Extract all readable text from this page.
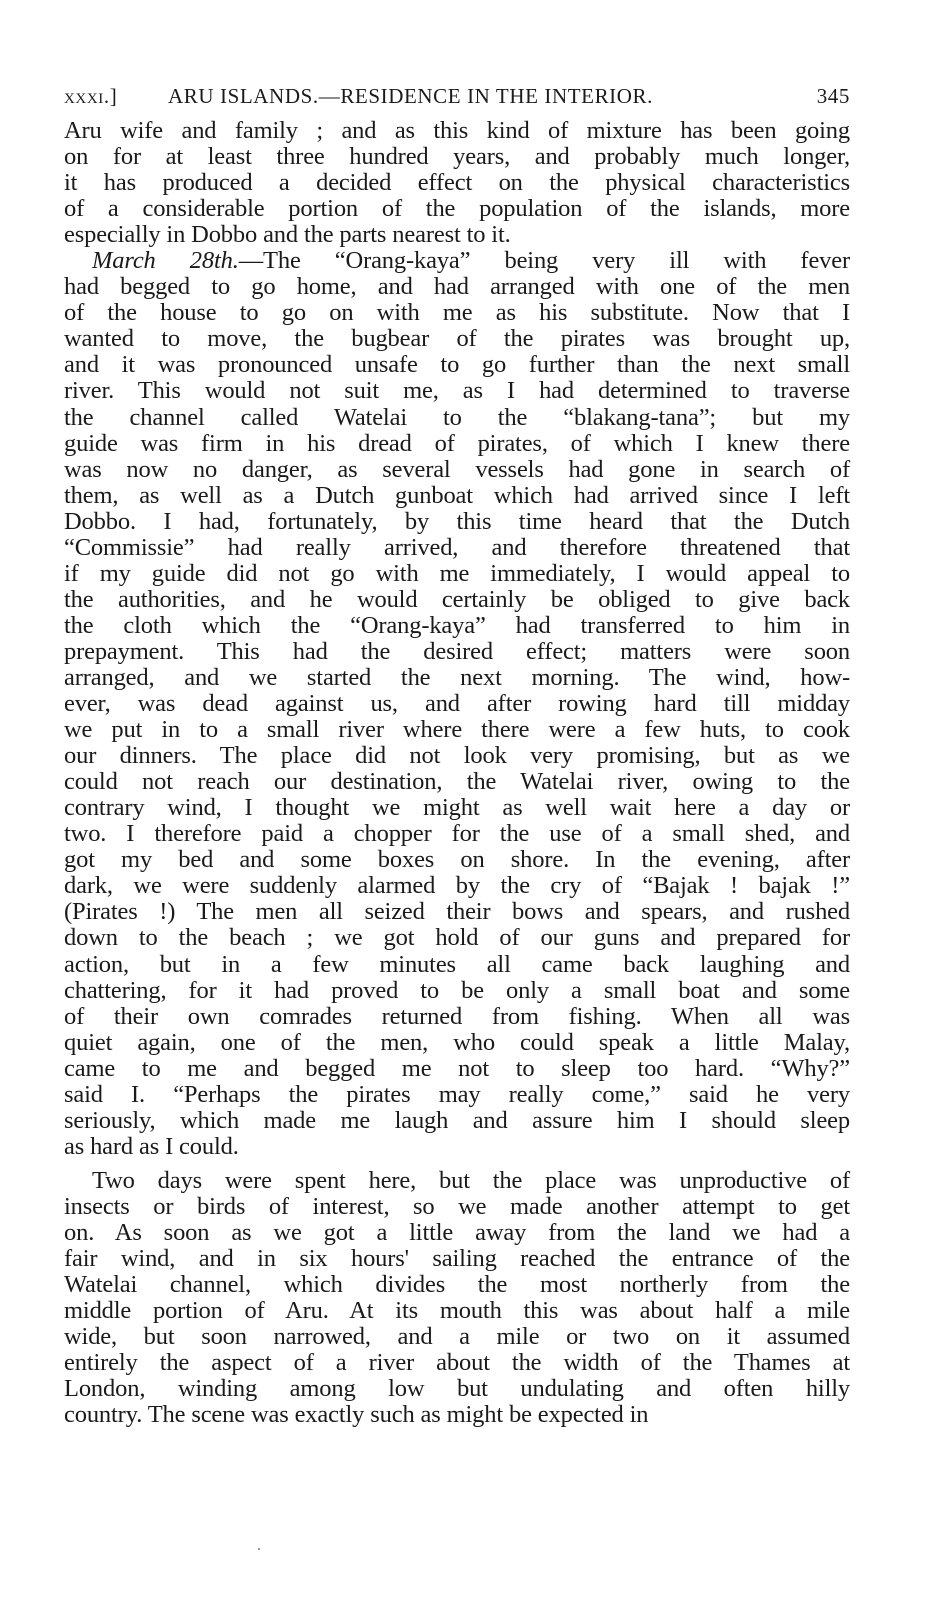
xxxi.] ARU ISLANDS.—RESIDENCE IN THE INTERIOR.	345
Aru wife and family ; and as this kind of mixture has been going
on for at least three hundred years, and probably much longer,
it has produced a decided effect on the physical characteristics
of a considerable portion of the population of the islands, more
especially in Dobbo and the parts nearest to it.
March 28th.—The “Orang-kaya” being very ill with fever
had begged to go home, and had arranged with one of the men
of the house to go on with me as his substitute. Now that I
wanted to move, the bugbear of the pirates was brought up,
and it was pronounced unsafe to go further than the next small
river. This would not suit me, as I had determined to traverse
the channel called Watelai to the “blakang-tana”; but my
guide was firm in his dread of pirates, of which I knew there
was now no danger, as several vessels had gone in search of
them, as well as a Dutch gunboat which had arrived since I left
Dobbo. I had, fortunately, by this time heard that the Dutch
“Commissie” had really arrived, and therefore threatened that
if my guide did not go with me immediately, I would appeal to
the authorities, and he would certainly be obliged to give back
the cloth which the “Orang-kaya” had transferred to him in
prepayment. This had the desired effect; matters were soon
arranged, and we started the next morning. The wind, how-
ever, was dead against us, and after rowing hard till midday
we put in to a small river where there were a few huts, to cook
our dinners. The place did not look very promising, but as we
could not reach our destination, the Watelai river, owing to the
contrary wind, I thought we might as well wait here a day or
two. I therefore paid a chopper for the use of a small shed, and
got my bed and some boxes on shore. In the evening, after
dark, we were suddenly alarmed by the cry of “Bajak ! bajak !”
(Pirates !) The men all seized their bows and spears, and rushed
down to the beach ; we got hold of our guns and prepared for
action, but in a few minutes all came back laughing and
chattering, for it had proved to be only a small boat and some
of their own comrades returned from fishing. When all was
quiet again, one of the men, who could speak a little Malay,
came to me and begged me not to sleep too hard. “Why?”
said I. “Perhaps the pirates may really come,” said he very
seriously, which made me laugh and assure him I should sleep
as hard as I could.
Two days were spent here, but the place was unproductive of
insects or birds of interest, so we made another attempt to get
on. As soon as we got a little away from the land we had a
fair wind, and in six hours' sailing reached the entrance of the
Watelai channel, which divides the most northerly from the
middle portion of Aru. At its mouth this was about half a mile
wide, but soon narrowed, and a mile or two on it assumed
entirely the aspect of a river about the width of the Thames at
London, winding among low but undulating and often hilly
country. The scene was exactly such as might be expected in
